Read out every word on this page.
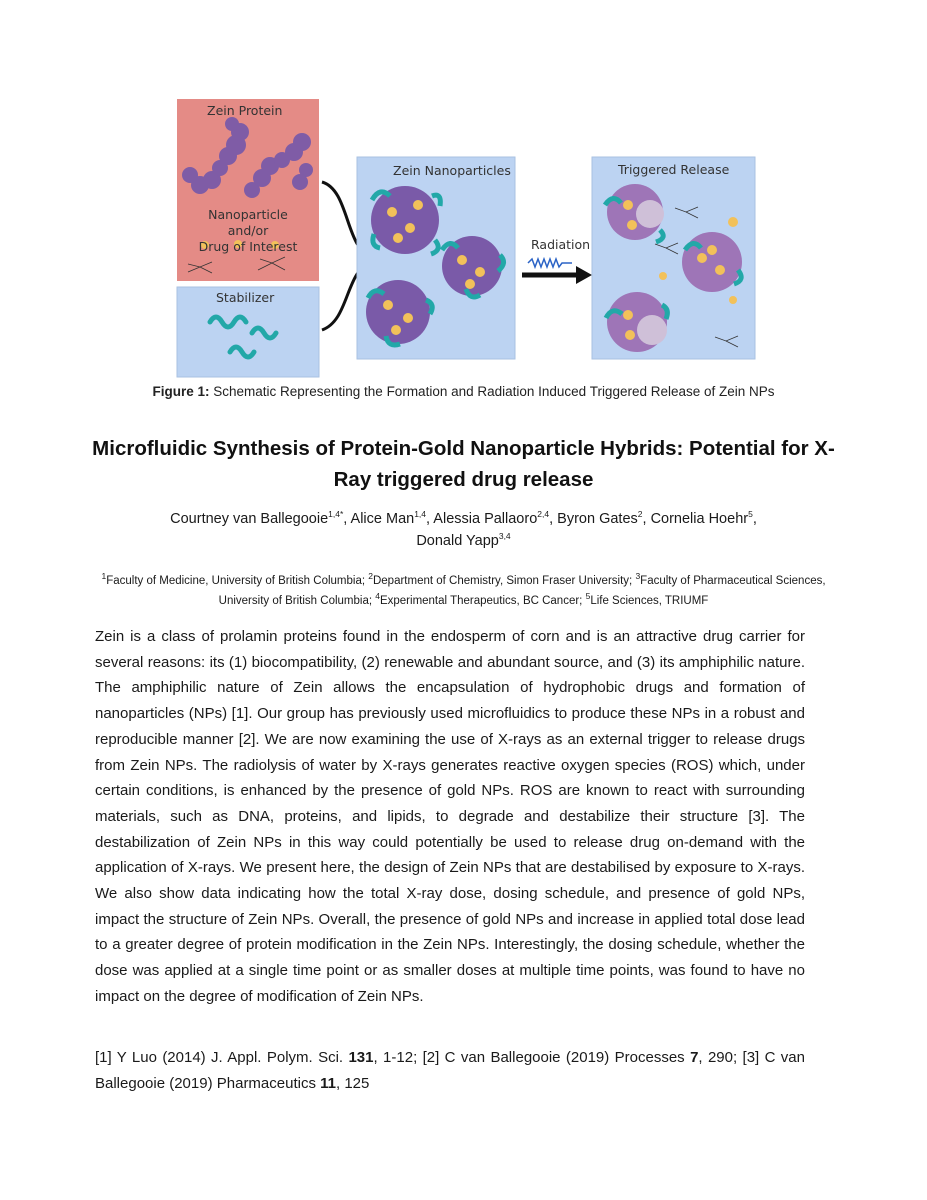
Zein Protein
Nanoparticle and/or
Drug of Interest
Stabilizer
Zein Nanoparticles	Triggered Release
Radiation
Figure 1: Schematic Representing the Formation and Radiation Induced Triggered Release of Zein NPs
Microfluidic Synthesis of Protein-Gold Nanoparticle Hybrids: Potential for X-Ray triggered drug release
Courtney van Ballegooie$^{1,4*}$, Alice Man$^{1,4}$, Alessia Pallaoro$^{2,4}$, Byron Gates$^2$, Cornelia Hoehr$^5$,
Donald Yapp$^{3,4}$
$^1$Faculty of Medicine, University of British Columbia; $^2$Department of Chemistry, Simon Fraser University; $^3$Faculty of Pharmaceutical Sciences, University of British Columbia; $^4$Experimental Therapeutics, BC Cancer; $^5$Life Sciences, TRIUMF
Zein is a class of prolamin proteins found in the endosperm of corn and is an attractive drug carrier for several reasons: its (1) biocompatibility, (2) renewable and abundant source, and (3) its amphiphilic nature. The amphiphilic nature of Zein allows the encapsulation of hydrophobic drugs and formation of nanoparticles (NPs) [1]. Our group has previously used microfluidics to produce these NPs in a robust and reproducible manner [2]. We are now examining the use of X-rays as an external trigger to release drugs from Zein NPs. The radiolysis of water by X-rays generates reactive oxygen species (ROS) which, under certain conditions, is enhanced by the presence of gold NPs. ROS are known to react with surrounding materials, such as DNA, proteins, and lipids, to degrade and destabilize their structure [3]. The destabilization of Zein NPs in this way could potentially be used to release drug on-demand with the application of X-rays. We present here, the design of Zein NPs that are destabilised by exposure to X-rays. We also show data indicating how the total X-ray dose, dosing schedule, and presence of gold NPs, impact the structure of Zein NPs. Overall, the presence of gold NPs and increase in applied total dose lead to a greater degree of protein modification in the Zein NPs. Interestingly, the dosing schedule, whether the dose was applied at a single time point or as smaller doses at multiple time points, was found to have no impact on the degree of modification of Zein NPs.
[1] Y Luo (2014) J. Appl. Polym. Sci. 131, 1-12; [2] C van Ballegooie (2019) Processes 7, 290; [3] C van Ballegooie (2019) Pharmaceutics 11, 125
